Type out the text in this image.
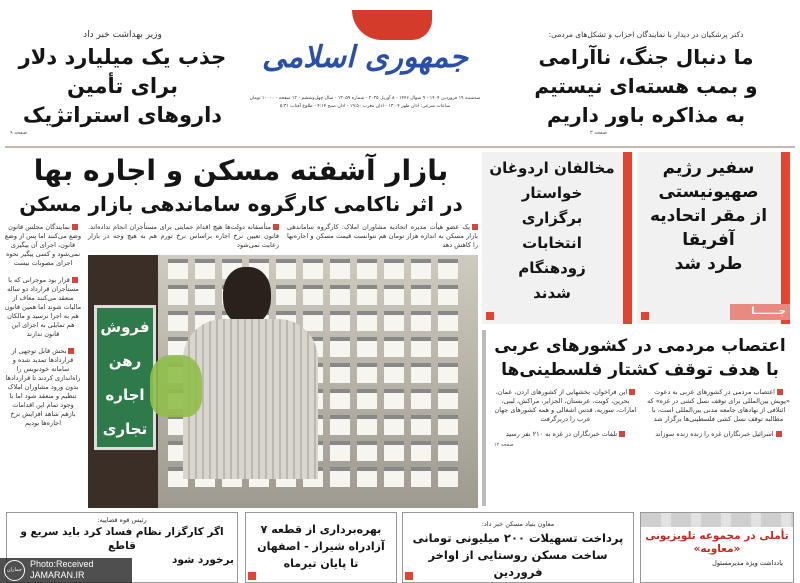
وزیر بهداشت خبر داد
جذب یک میلیارد دلار
برای تأمین
داروهای استراتژیک
صفحه ۹
جمهوری اسلامی
سه‌شنبه ۱۹ فروردین ۱۴۰۴ - ۹ شوال ۱۴۴۶ - ۸ آوریل ۲۰۲۵ - شماره ۱۳۰۵۹ - سال چهل‌وششم - ۱۲ صفحه - ۱۰۰۰۰ تومان
ساعات شرعی: اذان ظهر ۱۳:۰۴ - اذان مغرب ۱۹:۵۰ - اذان صبح ۴:۱۴ - طلوع آفتاب ۵:۳۱
دکتر پزشکیان در دیدار با نمایندگان احزاب و تشکل‌های مردمی:
ما دنبال جنگ، ناآرامی
و بمب هسته‌ای نیستیم
به مذاکره باور داریم
صفحه ۳
بازار آشفته مسکن و اجاره بها
در اثر ناکامی کارگروه ساماندهی بازار مسکن
یک عضو هیأت مدیره اتحادیه مشاوران املاک: کارگروه ساماندهی بازار مسکن به اندازه هزار تومان هم نتوانست قیمت مسکن و اجاره‌بها را کاهش دهد
متأسفانه دولت‌ها هیچ اقدام حمایتی برای مستأجران انجام نداده‌اند. قانون تعیین نرخ اجاره براساس نرخ تورم هم به هیچ وجه در بازار رعایت نمی‌شود
فروش
رهن
اجاره
تجاری
نمایندگان مجلس قانون وضع می‌کنند اما پس از وضع قانون، اجرای آن پیگیری نمی‌شود و کسی پیگیر نحوه اجرای مصوبات نیست
قرار بود موجرانی که با مستأجران قرارداد دو ساله منعقد می‌کنند معاف از مالیات شوند اما همین قانون هم به اجرا نرسید و مالکان هم تمایلی به اجرای این قانون ندارند
بخش قابل توجهی از قراردادها تمدید شده و سامانه خودنویس را راه‌اندازی کردند تا قراردادها بدون ورود مشاوران املاک تنظیم و منعقد شود اما با وجود تمام این اقدامات بازهم شاهد افزایش نرخ اجاره‌ها بودیم
سفیر رژیم
صهیونیستی
از مقر اتحادیه
آفریقا
طرد شد
جـــــــا
مخالفان اردوغان
خواستار
برگزاری
انتخابات
زودهنگام
شدند
اعتصاب مردمی در کشورهای عربی
با هدف توقف کشتار فلسطینی‌ها
اعتصاب مردمی در کشورهای عربی به دعوت «پویش بین‌المللی برای توقف نسل کشی در غزه» که ائتلافی از نهادهای جامعه مدنی بین‌المللی است، با مطالبه توقف نسل کشی فلسطینی‌ها برگزار شد
اسرائیل خبرنگاران غزه را زنده زنده سوزاند
این فراخوان، بخشهایی از کشورهای اردن، عمان، بحرین، کویت، عربستان، الجزایر، مراکش، لیبی، امارات، سوریه، قدس اشغالی و همه کشورهای جهان عرب را دربرگرفت
تلفات خبرنگاران در غزه به ۲۱۰ نفر رسید
صفحه ۱۲
تأملی در مجموعه تلویزیونی «معاویه»
یادداشت ویژه مدیرمسئول
معاون بنیاد مسکن خبر داد:
پرداخت تسهیلات ۲۰۰ میلیونی تومانی
ساخت مسکن روستایی از اواخر فروردین
بهره‌برداری از قطعه ۷
آزادراه شیراز - اصفهان
تا پایان تیرماه
رئیس قوه قضاییه:
اگر کارگزار نظام فساد کرد باید سریع و قاطع
برخورد شود
جماران
Photo:Received
JAMARAN.IR
